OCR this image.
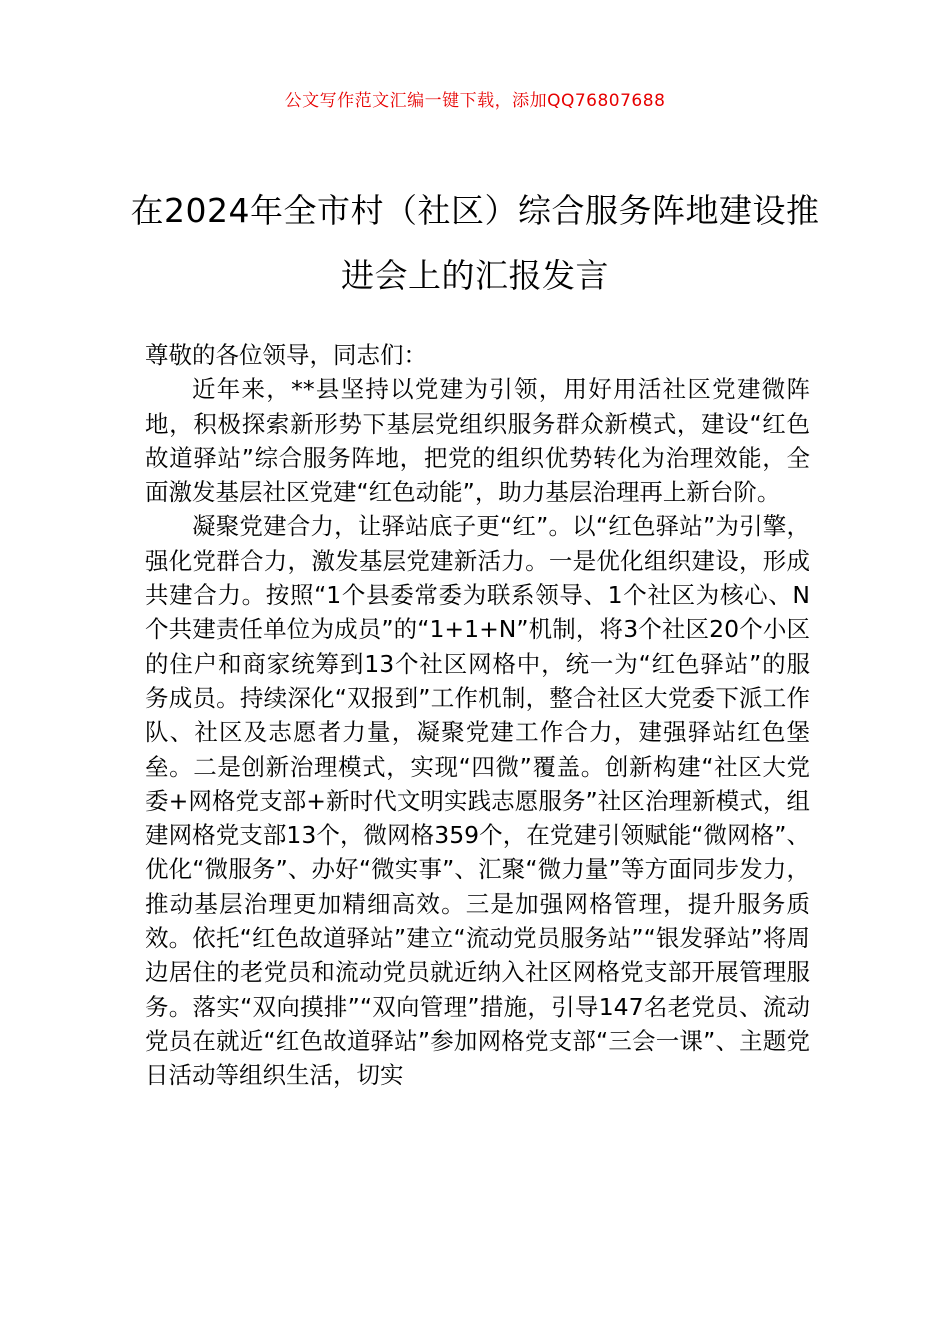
公文写作范文汇编一键下载，添加QQ76807688
在2024年全市村（社区）综合服务阵地建设推进会上的汇报发言

尊敬的各位领导，同志们：

近年来，**县坚持以党建为引领，用好用活社区党建微阵地，积极探索新形势下基层党组织服务群众新模式，建设“红色故道驿站”综合服务阵地，把党的组织优势转化为治理效能，全面激发基层社区党建“红色动能”，助力基层治理再上新台阶。

凝聚党建合力，让驿站底子更“红”。以“红色驿站”为引擎，强化党群合力，激发基层党建新活力。一是优化组织建设，形成共建合力。按照“1个县委常委为联系领导、1个社区为核心、N个共建责任单位为成员”的“1+1+N”机制，将3个社区20个小区的住户和商家统筹到13个社区网格中，统一为“红色驿站”的服务成员。持续深化“双报到”工作机制，整合社区大党委下派工作队、社区及志愿者力量，凝聚党建工作合力，建强驿站红色堡垒。二是创新治理模式，实现“四微”覆盖。创新构建“社区大党委+网格党支部+新时代文明实践志愿服务”社区治理新模式，组建网格党支部13个，微网格359个，在党建引领赋能“微网格”、优化“微服务”、办好“微实事”、汇聚“微力量”等方面同步发力，推动基层治理更加精细高效。三是加强网格管理，提升服务质效。依托“红色故道驿站”建立“流动党员服务站”“银发驿站”将周边居住的老党员和流动党员就近纳入社区网格党支部开展管理服务。落实“双向摸排”“双向管理”措施，引导147名老党员、流动党员在就近“红色故道驿站”参加网格党支部“三会一课”、主题党日活动等组织生活，切实
